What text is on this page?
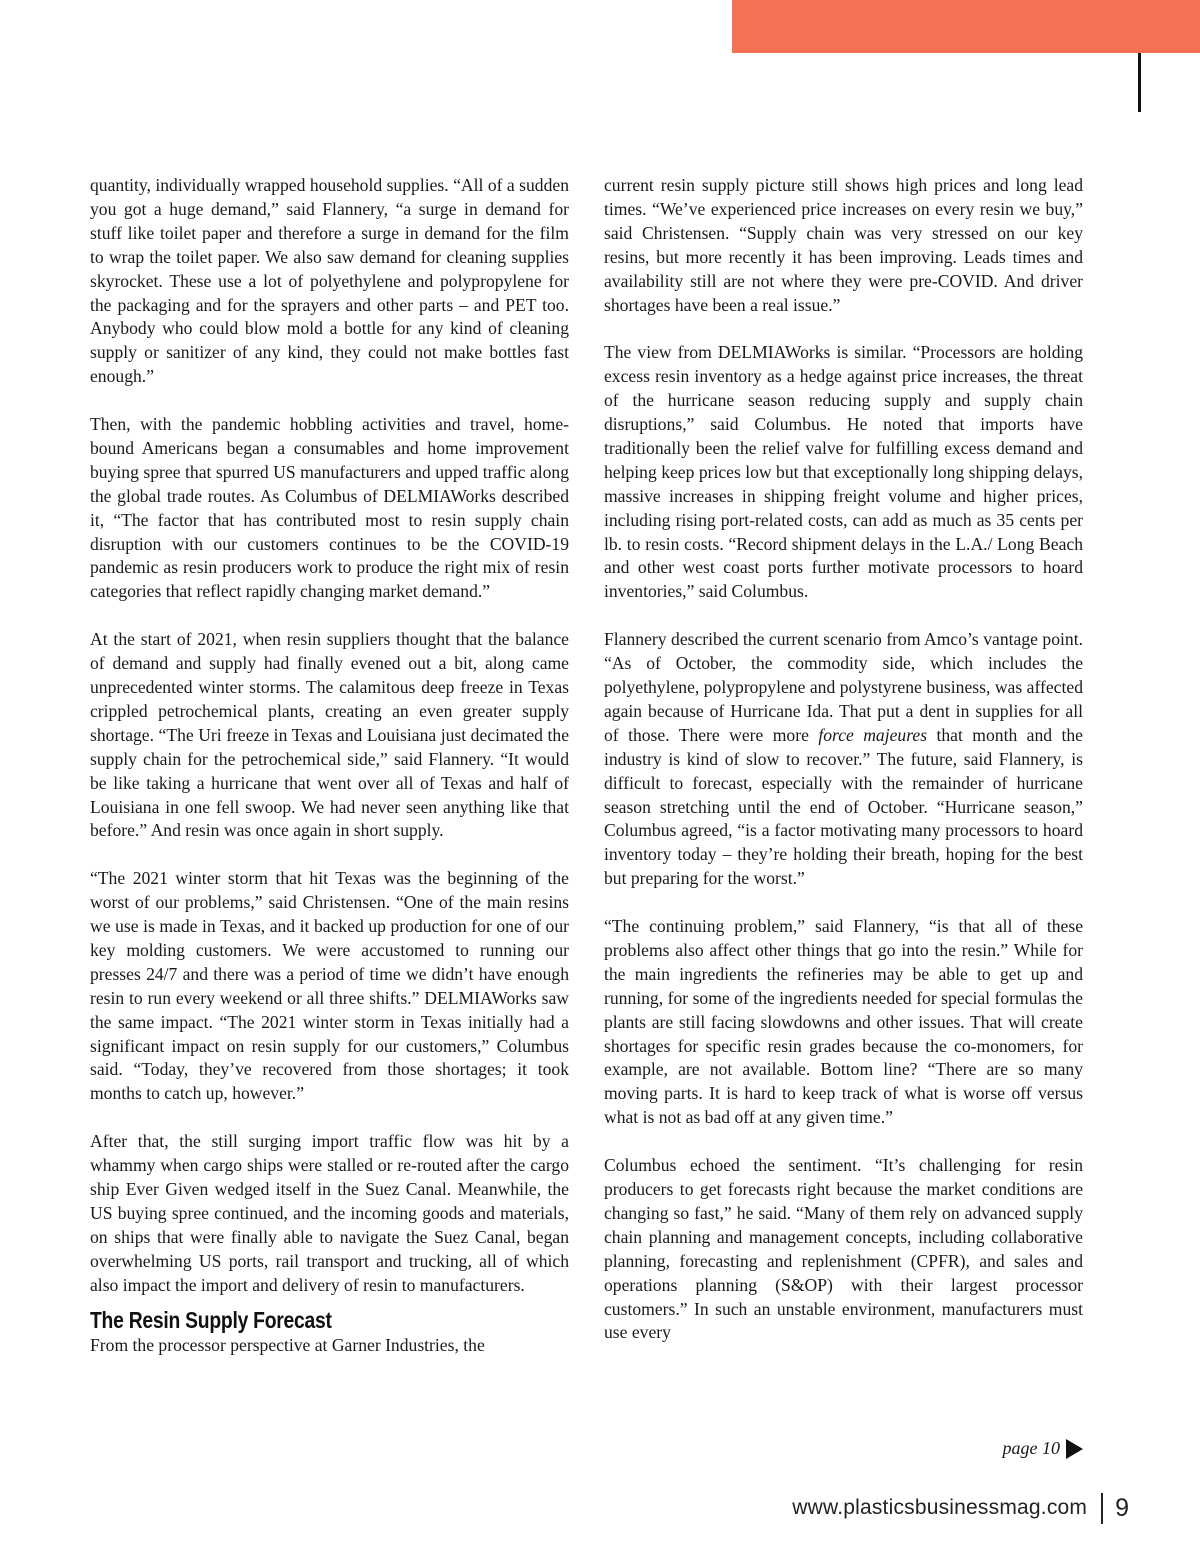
quantity, individually wrapped household supplies. “All of a sudden you got a huge demand,” said Flannery, “a surge in demand for stuff like toilet paper and therefore a surge in demand for the film to wrap the toilet paper. We also saw demand for cleaning supplies skyrocket. These use a lot of polyethylene and polypropylene for the packaging and for the sprayers and other parts – and PET too. Anybody who could blow mold a bottle for any kind of cleaning supply or sanitizer of any kind, they could not make bottles fast enough.”

Then, with the pandemic hobbling activities and travel, home-bound Americans began a consumables and home improvement buying spree that spurred US manufacturers and upped traffic along the global trade routes. As Columbus of DELMIAWorks described it, “The factor that has contributed most to resin supply chain disruption with our customers continues to be the COVID-19 pandemic as resin producers work to produce the right mix of resin categories that reflect rapidly changing market demand.”

At the start of 2021, when resin suppliers thought that the balance of demand and supply had finally evened out a bit, along came unprecedented winter storms. The calamitous deep freeze in Texas crippled petrochemical plants, creating an even greater supply shortage. “The Uri freeze in Texas and Louisiana just decimated the supply chain for the petrochemical side,” said Flannery. “It would be like taking a hurricane that went over all of Texas and half of Louisiana in one fell swoop. We had never seen anything like that before.” And resin was once again in short supply.

“The 2021 winter storm that hit Texas was the beginning of the worst of our problems,” said Christensen. “One of the main resins we use is made in Texas, and it backed up production for one of our key molding customers. We were accustomed to running our presses 24/7 and there was a period of time we didn’t have enough resin to run every weekend or all three shifts.” DELMIAWorks saw the same impact. “The 2021 winter storm in Texas initially had a significant impact on resin supply for our customers,” Columbus said. “Today, they’ve recovered from those shortages; it took months to catch up, however.”

After that, the still surging import traffic flow was hit by a whammy when cargo ships were stalled or re-routed after the cargo ship Ever Given wedged itself in the Suez Canal. Meanwhile, the US buying spree continued, and the incoming goods and materials, on ships that were finally able to navigate the Suez Canal, began overwhelming US ports, rail transport and trucking, all of which also impact the import and delivery of resin to manufacturers.

The Resin Supply Forecast

From the processor perspective at Garner Industries, the

current resin supply picture still shows high prices and long lead times. “We’ve experienced price increases on every resin we buy,” said Christensen. “Supply chain was very stressed on our key resins, but more recently it has been improving. Leads times and availability still are not where they were pre-COVID. And driver shortages have been a real issue.”

The view from DELMIAWorks is similar. “Processors are holding excess resin inventory as a hedge against price increases, the threat of the hurricane season reducing supply and supply chain disruptions,” said Columbus. He noted that imports have traditionally been the relief valve for fulfilling excess demand and helping keep prices low but that exceptionally long shipping delays, massive increases in shipping freight volume and higher prices, including rising port-related costs, can add as much as 35 cents per lb. to resin costs. “Record shipment delays in the L.A./ Long Beach and other west coast ports further motivate processors to hoard inventories,” said Columbus.

Flannery described the current scenario from Amco’s vantage point. “As of October, the commodity side, which includes the polyethylene, polypropylene and polystyrene business, was affected again because of Hurricane Ida. That put a dent in supplies for all of those. There were more force majeures that month and the industry is kind of slow to recover.” The future, said Flannery, is difficult to forecast, especially with the remainder of hurricane season stretching until the end of October. “Hurricane season,” Columbus agreed, “is a factor motivating many processors to hoard inventory today – they’re holding their breath, hoping for the best but preparing for the worst.”

“The continuing problem,” said Flannery, “is that all of these problems also affect other things that go into the resin.” While for the main ingredients the refineries may be able to get up and running, for some of the ingredients needed for special formulas the plants are still facing slowdowns and other issues. That will create shortages for specific resin grades because the co-monomers, for example, are not available. Bottom line? “There are so many moving parts. It is hard to keep track of what is worse off versus what is not as bad off at any given time.”

Columbus echoed the sentiment. “It’s challenging for resin producers to get forecasts right because the market conditions are changing so fast,” he said. “Many of them rely on advanced supply chain planning and management concepts, including collaborative planning, forecasting and replenishment (CPFR), and sales and operations planning (S&OP) with their largest processor customers.” In such an unstable environment, manufacturers must use every

page 10
www.plasticsbusinessmag.com 9
